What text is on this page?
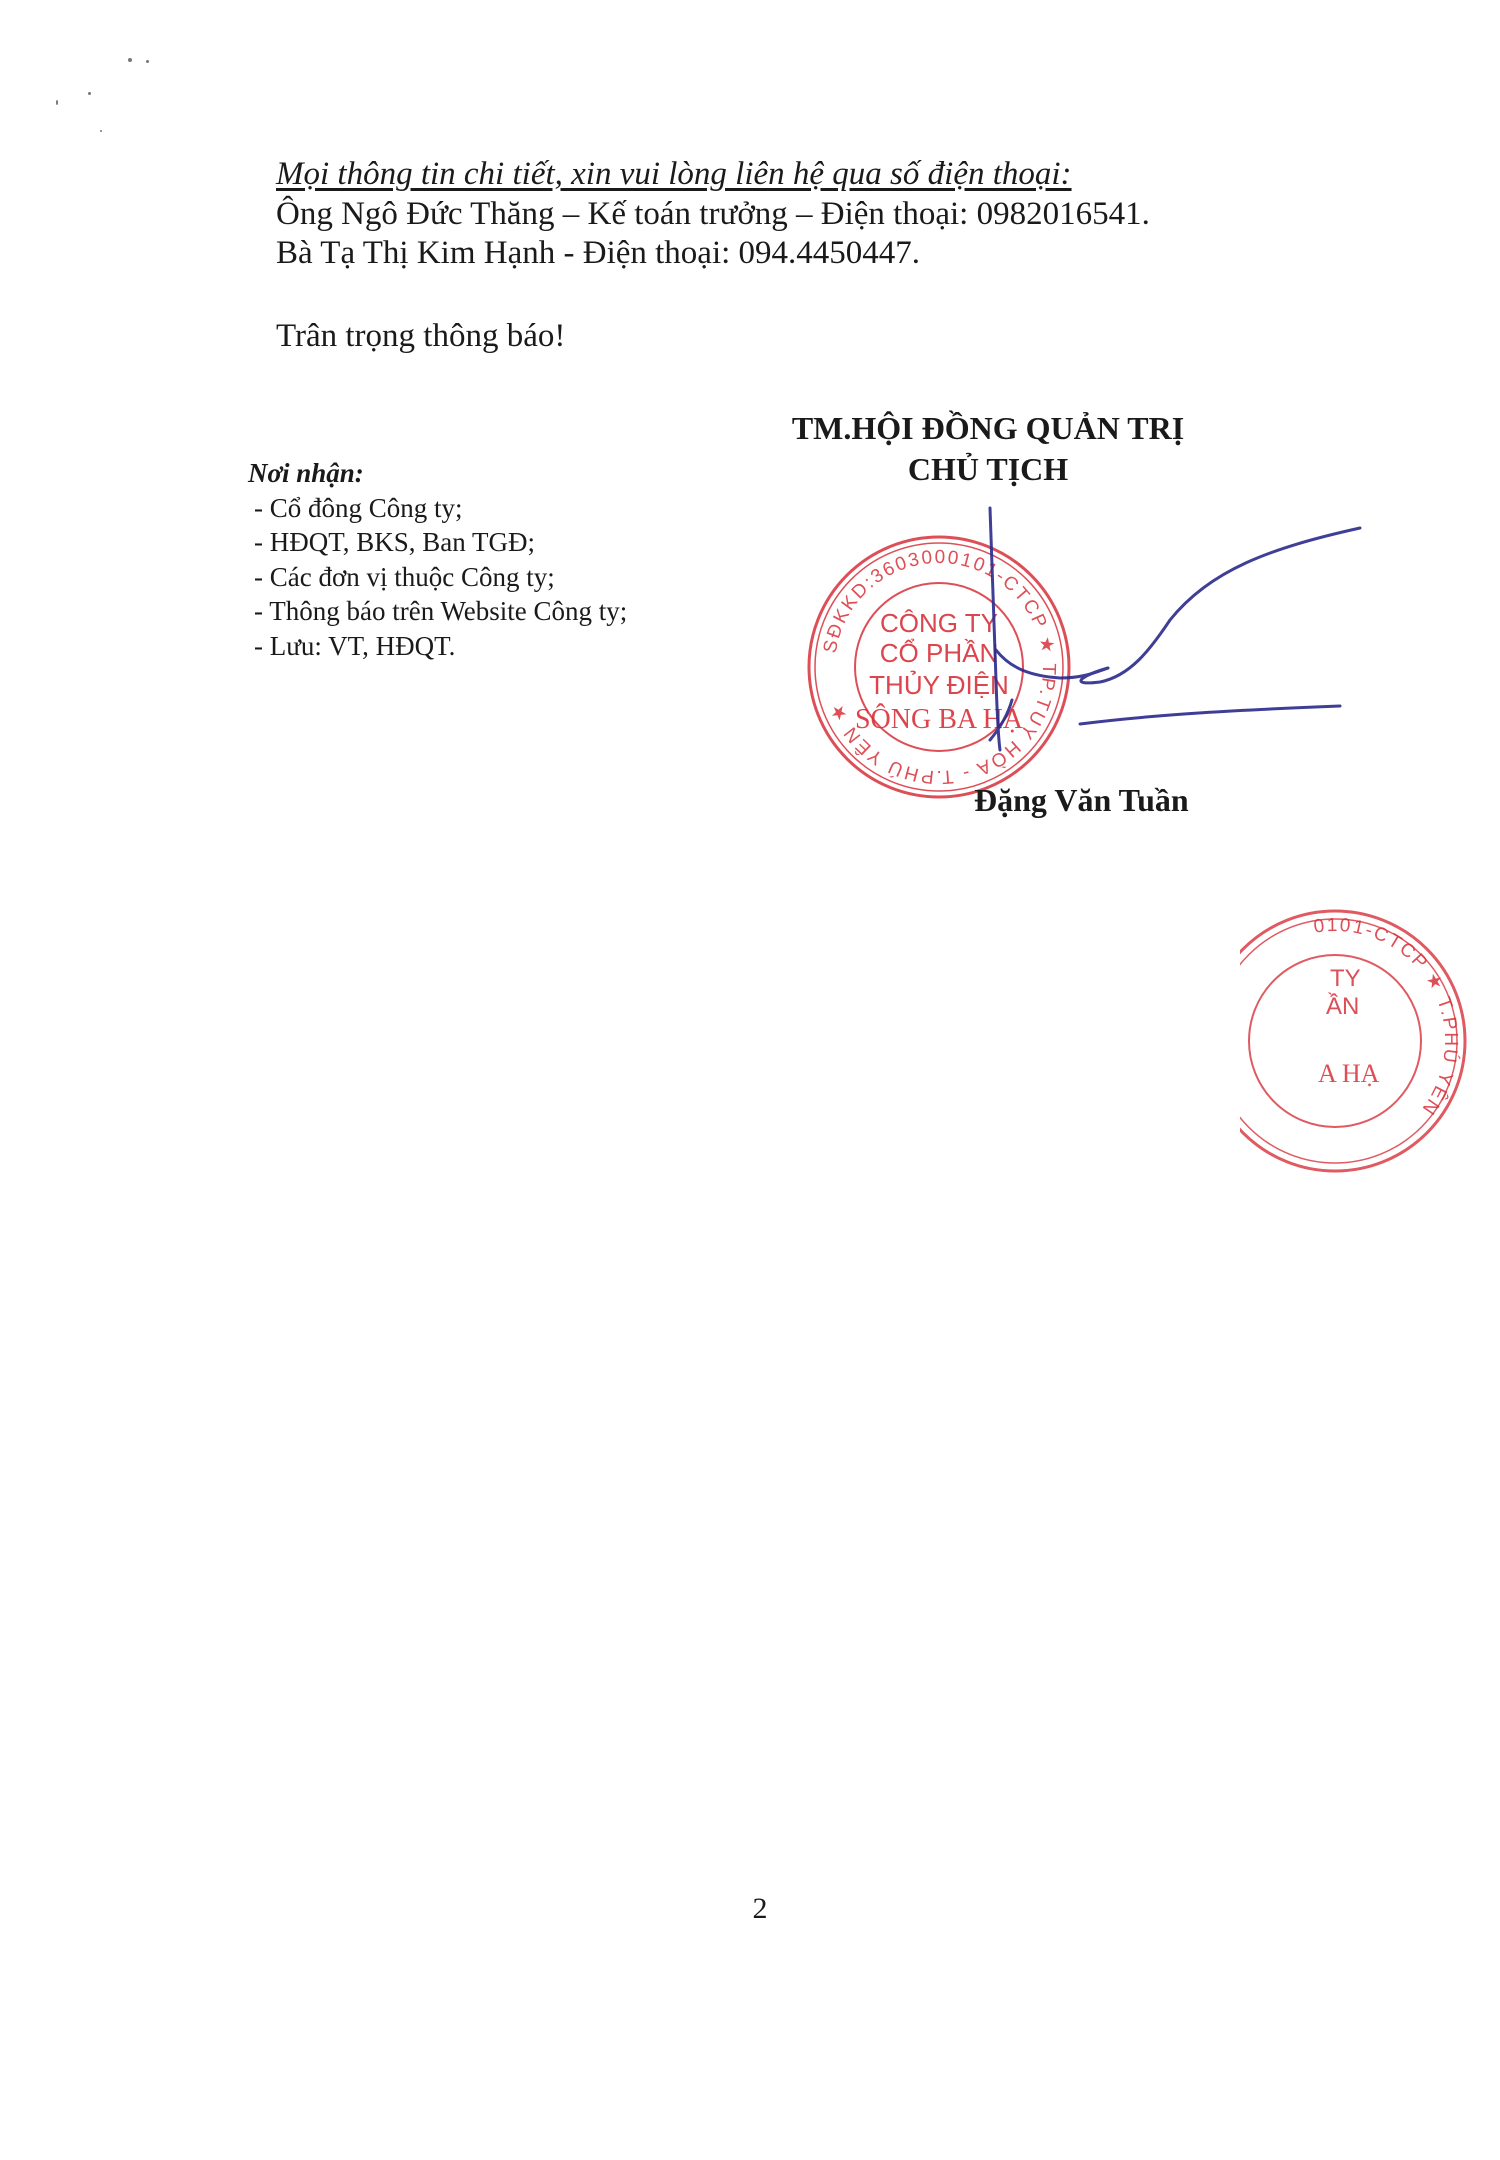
Mọi thông tin chi tiết, xin vui lòng liên hệ qua số điện thoại:

Ông Ngô Đức Thăng – Kế toán trưởng – Điện thoại: 0982016541.

Bà Tạ Thị Kim Hạnh - Điện thoại: 094.4450447.

Trân trọng thông báo!
TM.HỘI ĐỒNG QUẢN TRỊ
CHỦ TỊCH

Nơi nhận:

- Cổ đông Công ty;
- HĐQT, BKS, Ban TGĐ;
- Các đơn vị thuộc Công ty;
- Thông báo trên Website Công ty;
- Lưu: VT, HĐQT.	SĐKKD:3603000101-CTCP ★ TP.TUY HÒA - T.PHÚ YÊN ★
CÔNG TY
CỔ PHẦN
THỦY ĐIỆN
SÔNG BA HẠ
Đặng Văn Tuần
0101-CTCP ★ T.PHÚ YÊN
TY
ẦN
A HẠ
2
